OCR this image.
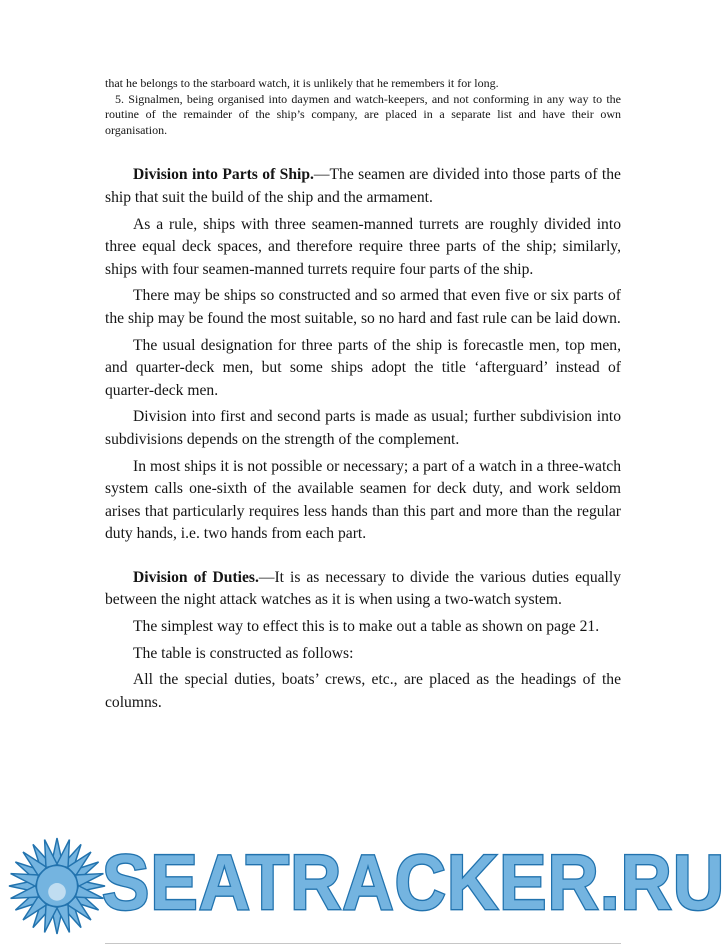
that he belongs to the starboard watch, it is unlikely that he remembers it for long.

5. Signalmen, being organised into daymen and watch-keepers, and not conforming in any way to the routine of the remainder of the ship’s company, are placed in a separate list and have their own organisation.

Division into Parts of Ship.—The seamen are divided into those parts of the ship that suit the build of the ship and the armament.

As a rule, ships with three seamen-manned turrets are roughly divided into three equal deck spaces, and therefore require three parts of the ship; similarly, ships with four seamen-manned turrets require four parts of the ship.

There may be ships so constructed and so armed that even five or six parts of the ship may be found the most suitable, so no hard and fast rule can be laid down.

The usual designation for three parts of the ship is forecastle men, top men, and quarter-deck men, but some ships adopt the title ‘afterguard’ instead of quarter-deck men.

Division into first and second parts is made as usual; further subdivision into subdivisions depends on the strength of the complement.

In most ships it is not possible or necessary; a part of a watch in a three-watch system calls one-sixth of the available seamen for deck duty, and work seldom arises that particularly requires less hands than this part and more than the regular duty hands, i.e. two hands from each part.

Division of Duties.—It is as necessary to divide the various duties equally between the night attack watches as it is when using a two-watch system.

The simplest way to effect this is to make out a table as shown on page 21.

The table is constructed as follows:

All the special duties, boats’ crews, etc., are placed as the headings of the columns.

SEATRACKER.RU
